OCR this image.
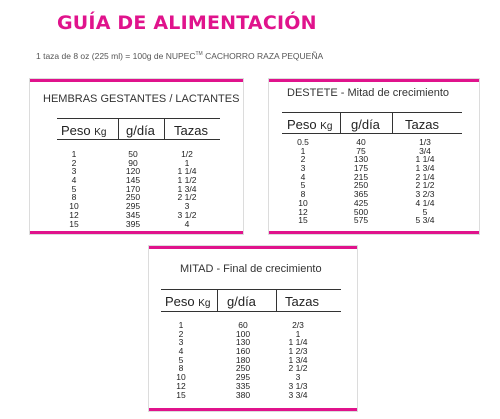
GUÍA DE ALIMENTACIÓN
1 taza de 8 oz (225 ml) = 100g de NUPEC™ CACHORRO RAZA PEQUEÑA
HEMBRAS GESTANTES / LACTANTES
Peso Kg g/día Tazas
1
2
3
4
5
8
10
12
15
50
90
120
145
170
250
295
345
395
1/2
1
1 1/4
1 1/2
1 3/4
2 1/2
3
3 1/2
4
DESTETE - Mitad de crecimiento
Peso Kg g/día Tazas
0.5
1
2
3
4
5
8
10
12
15
40
75
130
175
215
250
365
425
500
575
1/3
3/4
1 1/4
1 3/4
2 1/4
2 1/2
3 2/3
4 1/4
5
5 3/4
MITAD - Final de crecimiento
Peso Kg g/día Tazas
1
2
3
4
5
8
10
12
15
60
100
130
160
180
250
295
335
380
2/3
1
1 1/4
1 2/3
1 3/4
2 1/2
3
3 1/3
3 3/4
